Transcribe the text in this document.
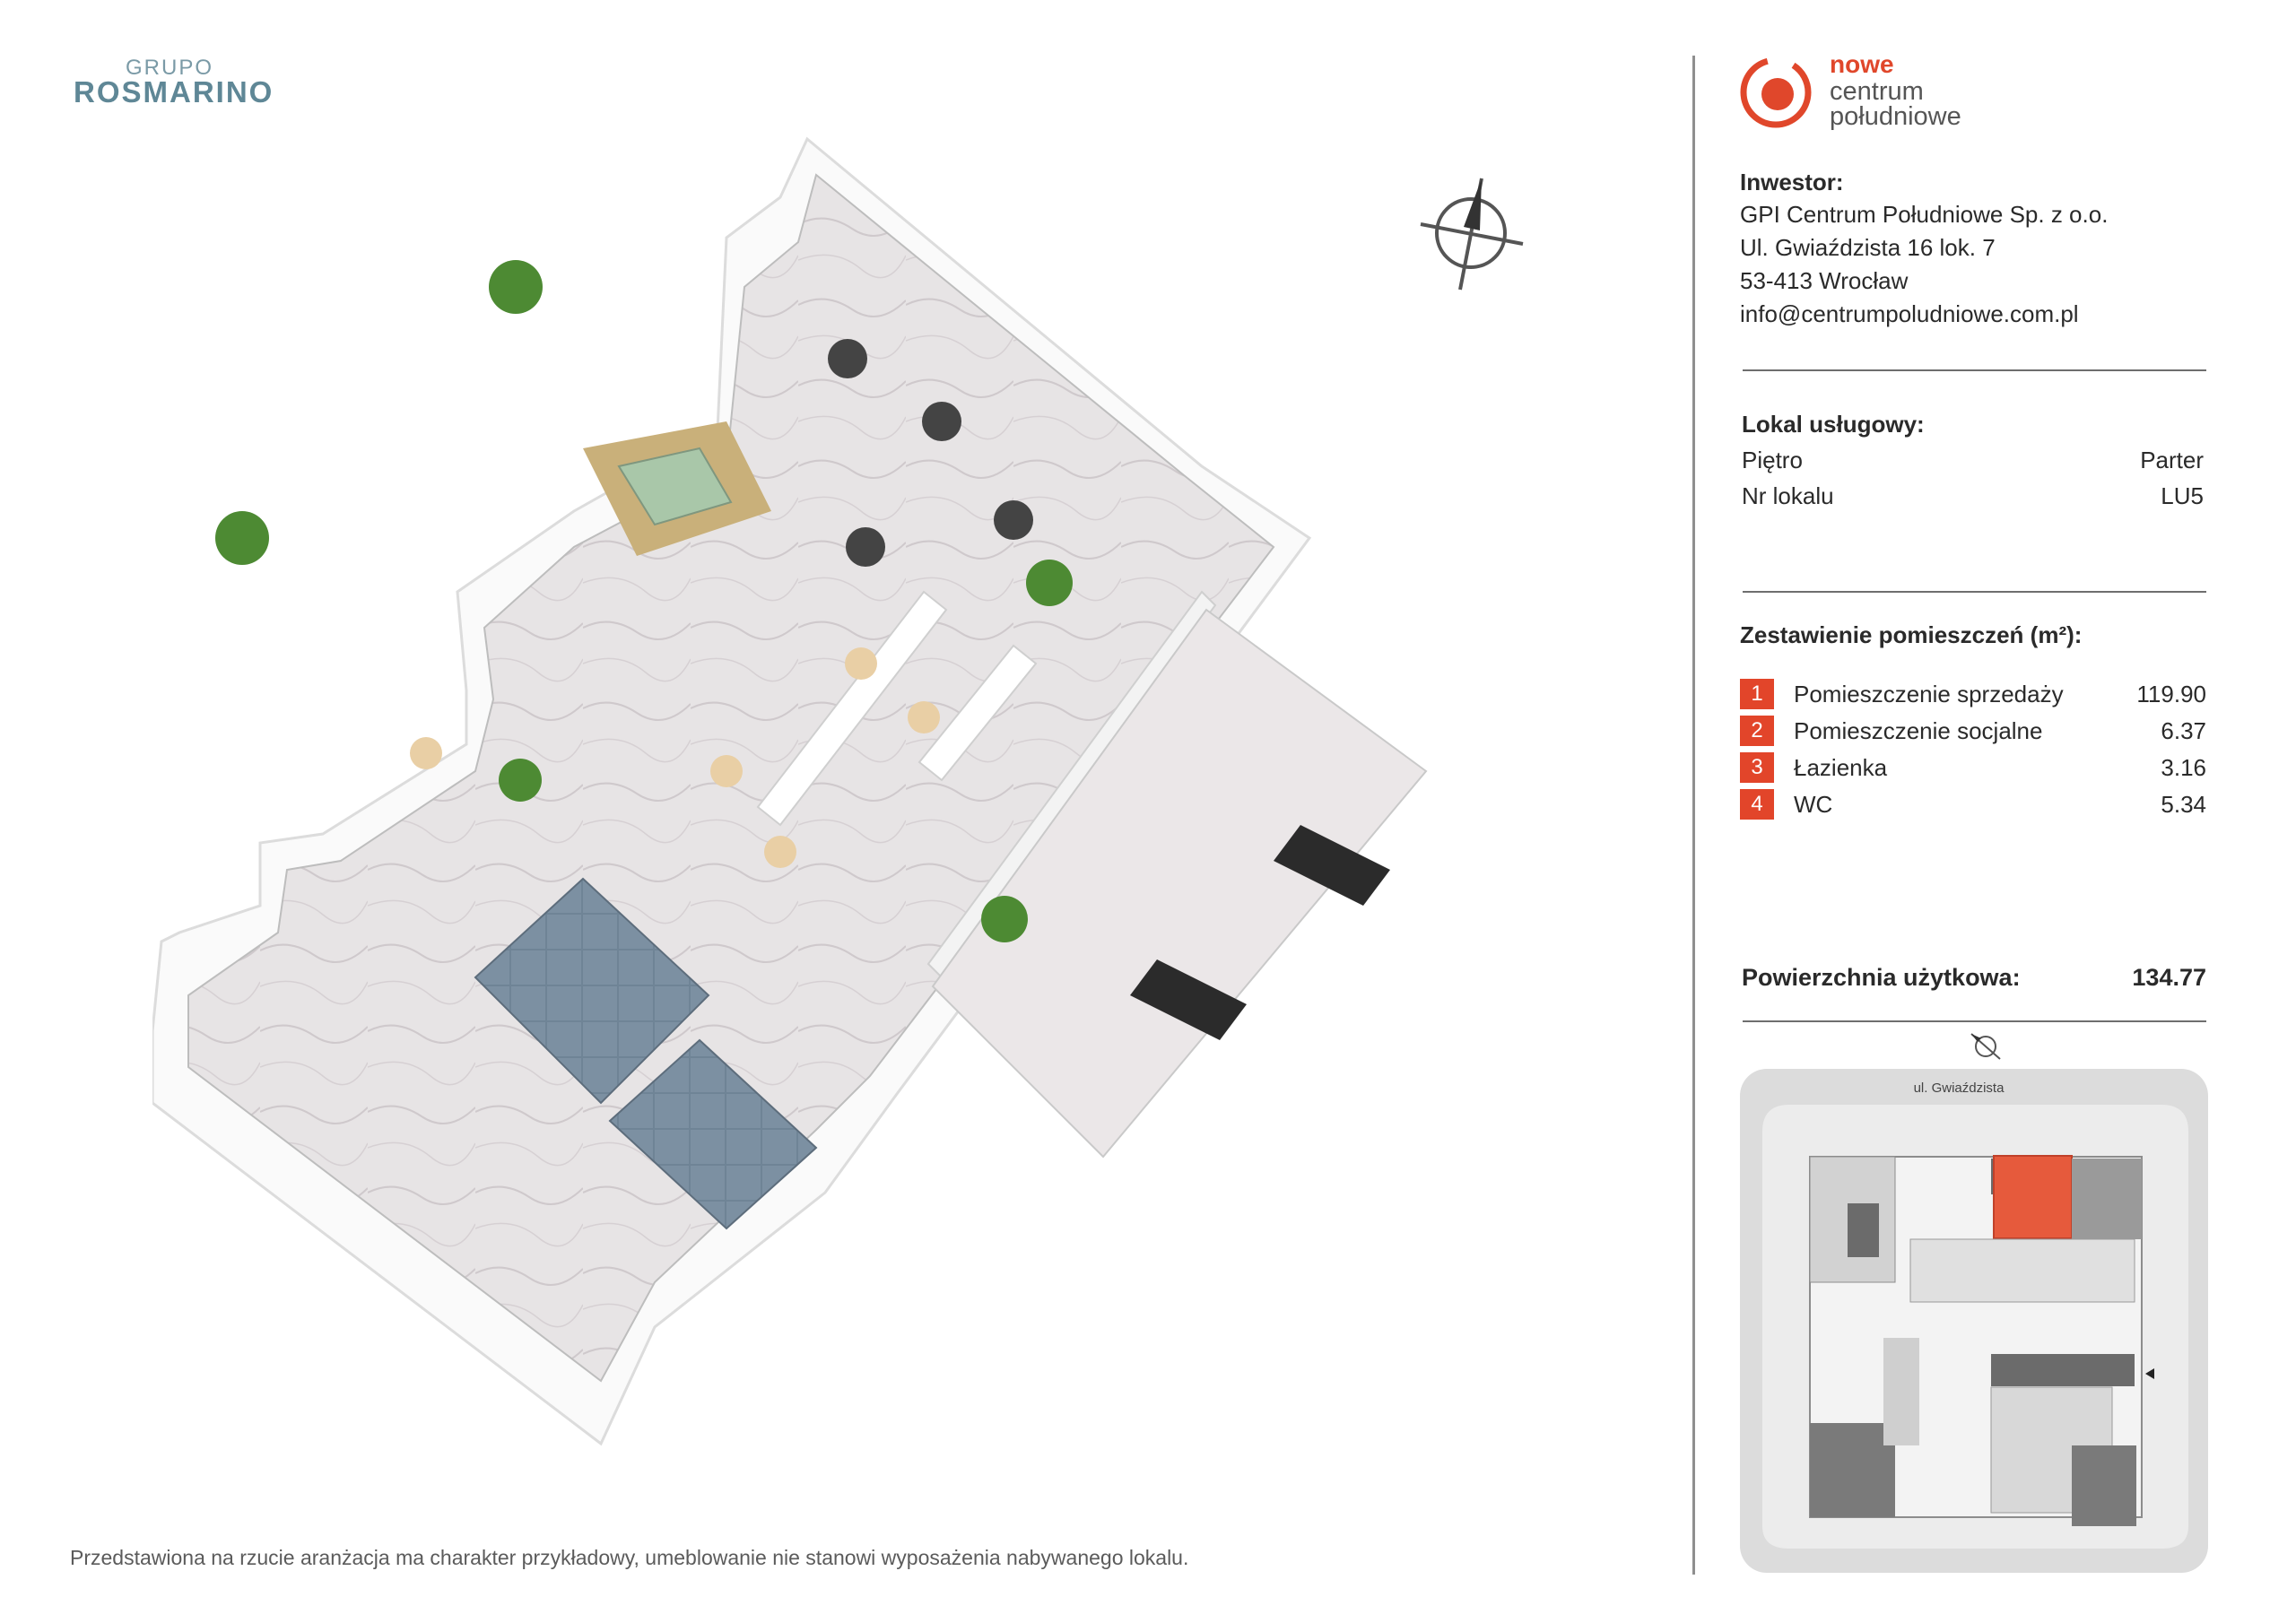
GRUPO
ROSMARINO
nowe
centrum
południowe
Inwestor:
GPI Centrum Południowe Sp. z o.o.
Ul. Gwiaździsta 16 lok. 7
53-413 Wrocław
info@centrumpoludniowe.com.pl
Lokal usługowy:
Piętro	Parter
Nr lokalu	LU5
Zestawienie pomieszczeń (m²):
1	Pomieszczenie sprzedaży	119.90
2	Pomieszczenie socjalne	6.37
3	Łazienka	3.16
4	WC	5.34
Powierzchnia użytkowa:	134.77
ul. Gwiaździsta
Przedstawiona na rzucie aranżacja ma charakter przykładowy, umeblowanie nie stanowi wyposażenia nabywanego lokalu.
